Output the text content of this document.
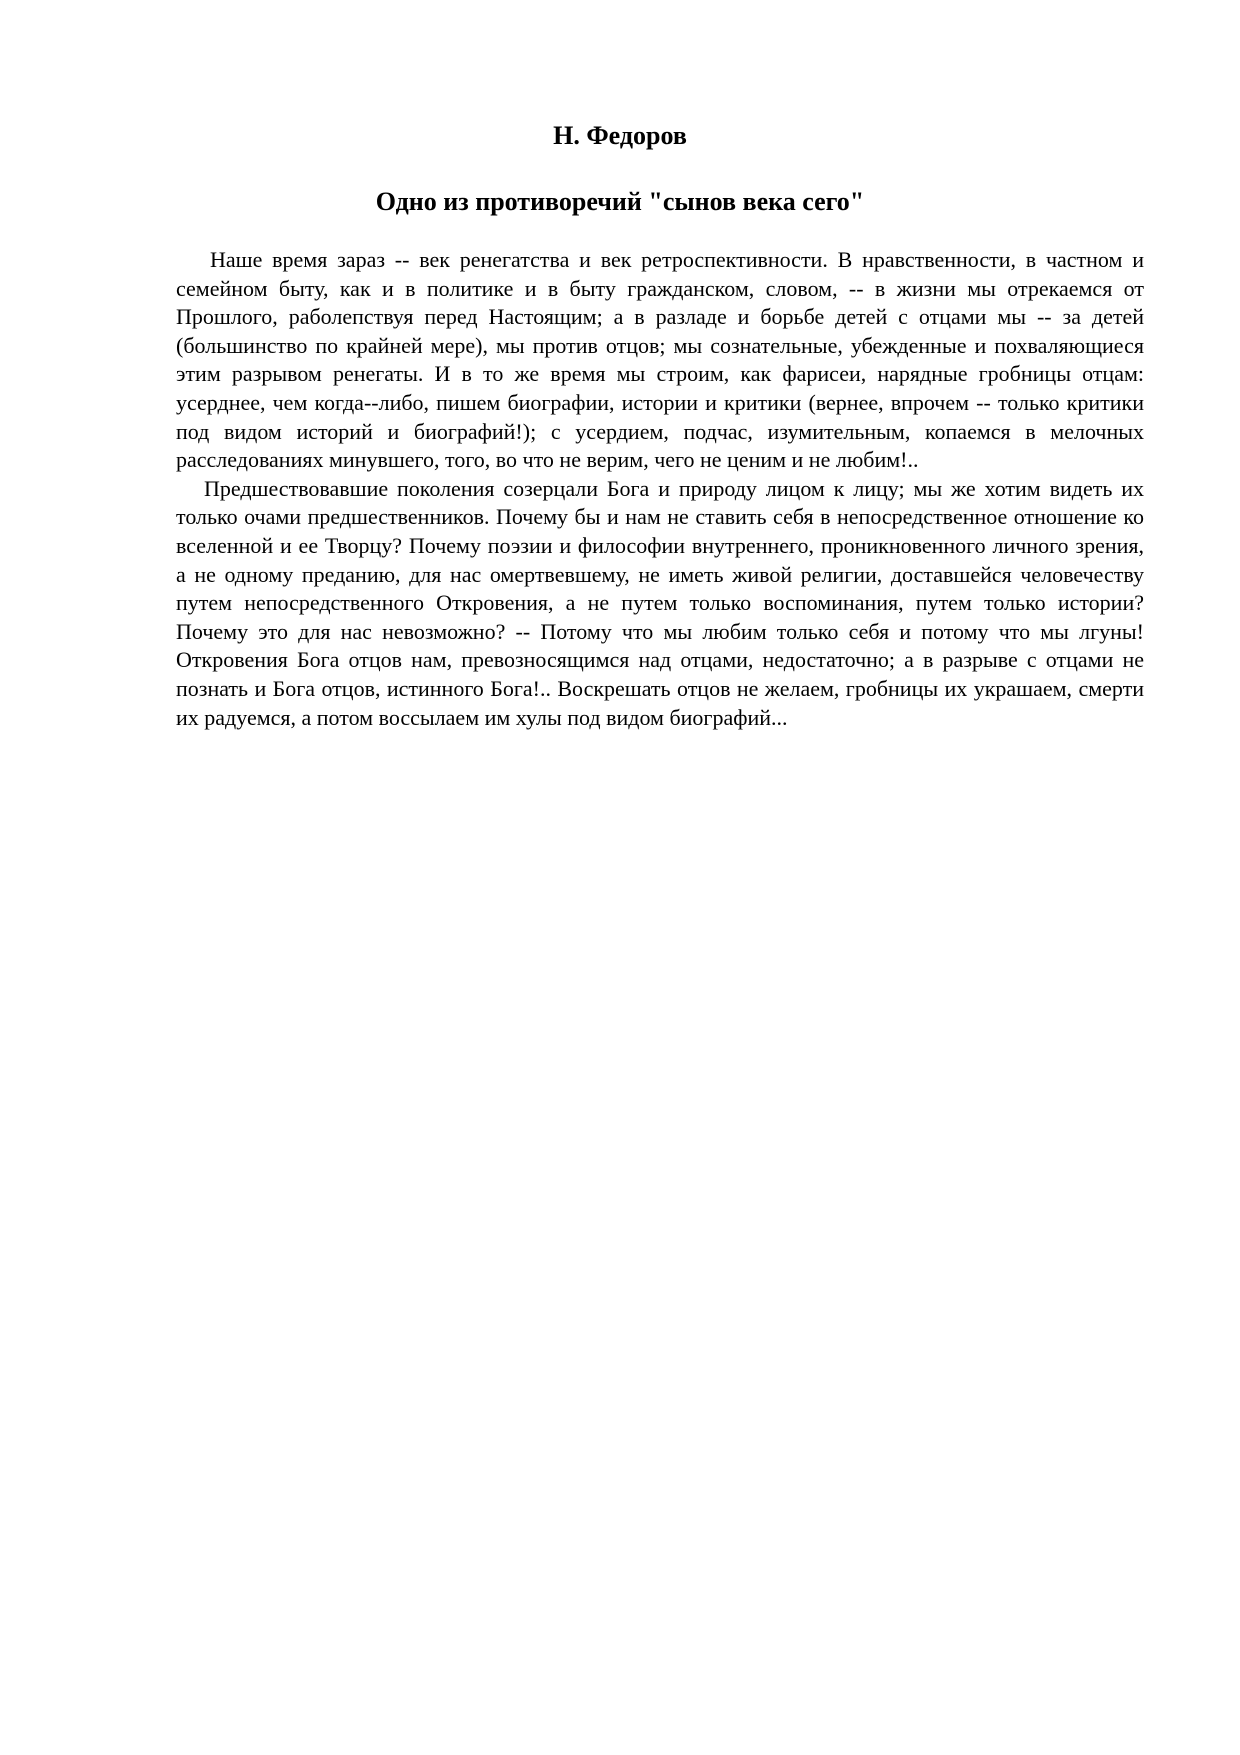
Н. Федоров
Одно из противоречий "сынов века сего"

Наше время зараз -- век ренегатства и век ретроспективности. В нравственности, в частном и семейном быту, как и в политике и в быту гражданском, словом, -- в жизни мы отрекаемся от Прошлого, раболепствуя перед Настоящим; а в разладе и борьбе детей с отцами мы -- за детей (большинство по крайней мере), мы против отцов; мы сознательные, убежденные и похваляющиеся этим разрывом ренегаты. И в то же время мы строим, как фарисеи, нарядные гробницы отцам: усерднее, чем когда--либо, пишем биографии, истории и критики (вернее, впрочем -- только критики под видом историй и биографий!); с усердием, подчас, изумительным, копаемся в мелочных расследованиях минувшего, того, во что не верим, чего не ценим и не любим!..

Предшествовавшие поколения созерцали Бога и природу лицом к лицу; мы же хотим видеть их только очами предшественников. Почему бы и нам не ставить себя в непосредственное отношение ко вселенной и ее Творцу? Почему поэзии и философии внутреннего, проникновенного личного зрения, а не одному преданию, для нас омертвевшему, не иметь живой религии, доставшейся человечеству путем непосредственного Откровения, а не путем только воспоминания, путем только истории? Почему это для нас невозможно? -- Потому что мы любим только себя и потому что мы лгуны! Откровения Бога отцов нам, превозносящимся над отцами, недостаточно; а в разрыве с отцами не познать и Бога отцов, истинного Бога!.. Воскрешать отцов не желаем, гробницы их украшаем, смерти их радуемся, а потом воссылаем им хулы под видом биографий...
